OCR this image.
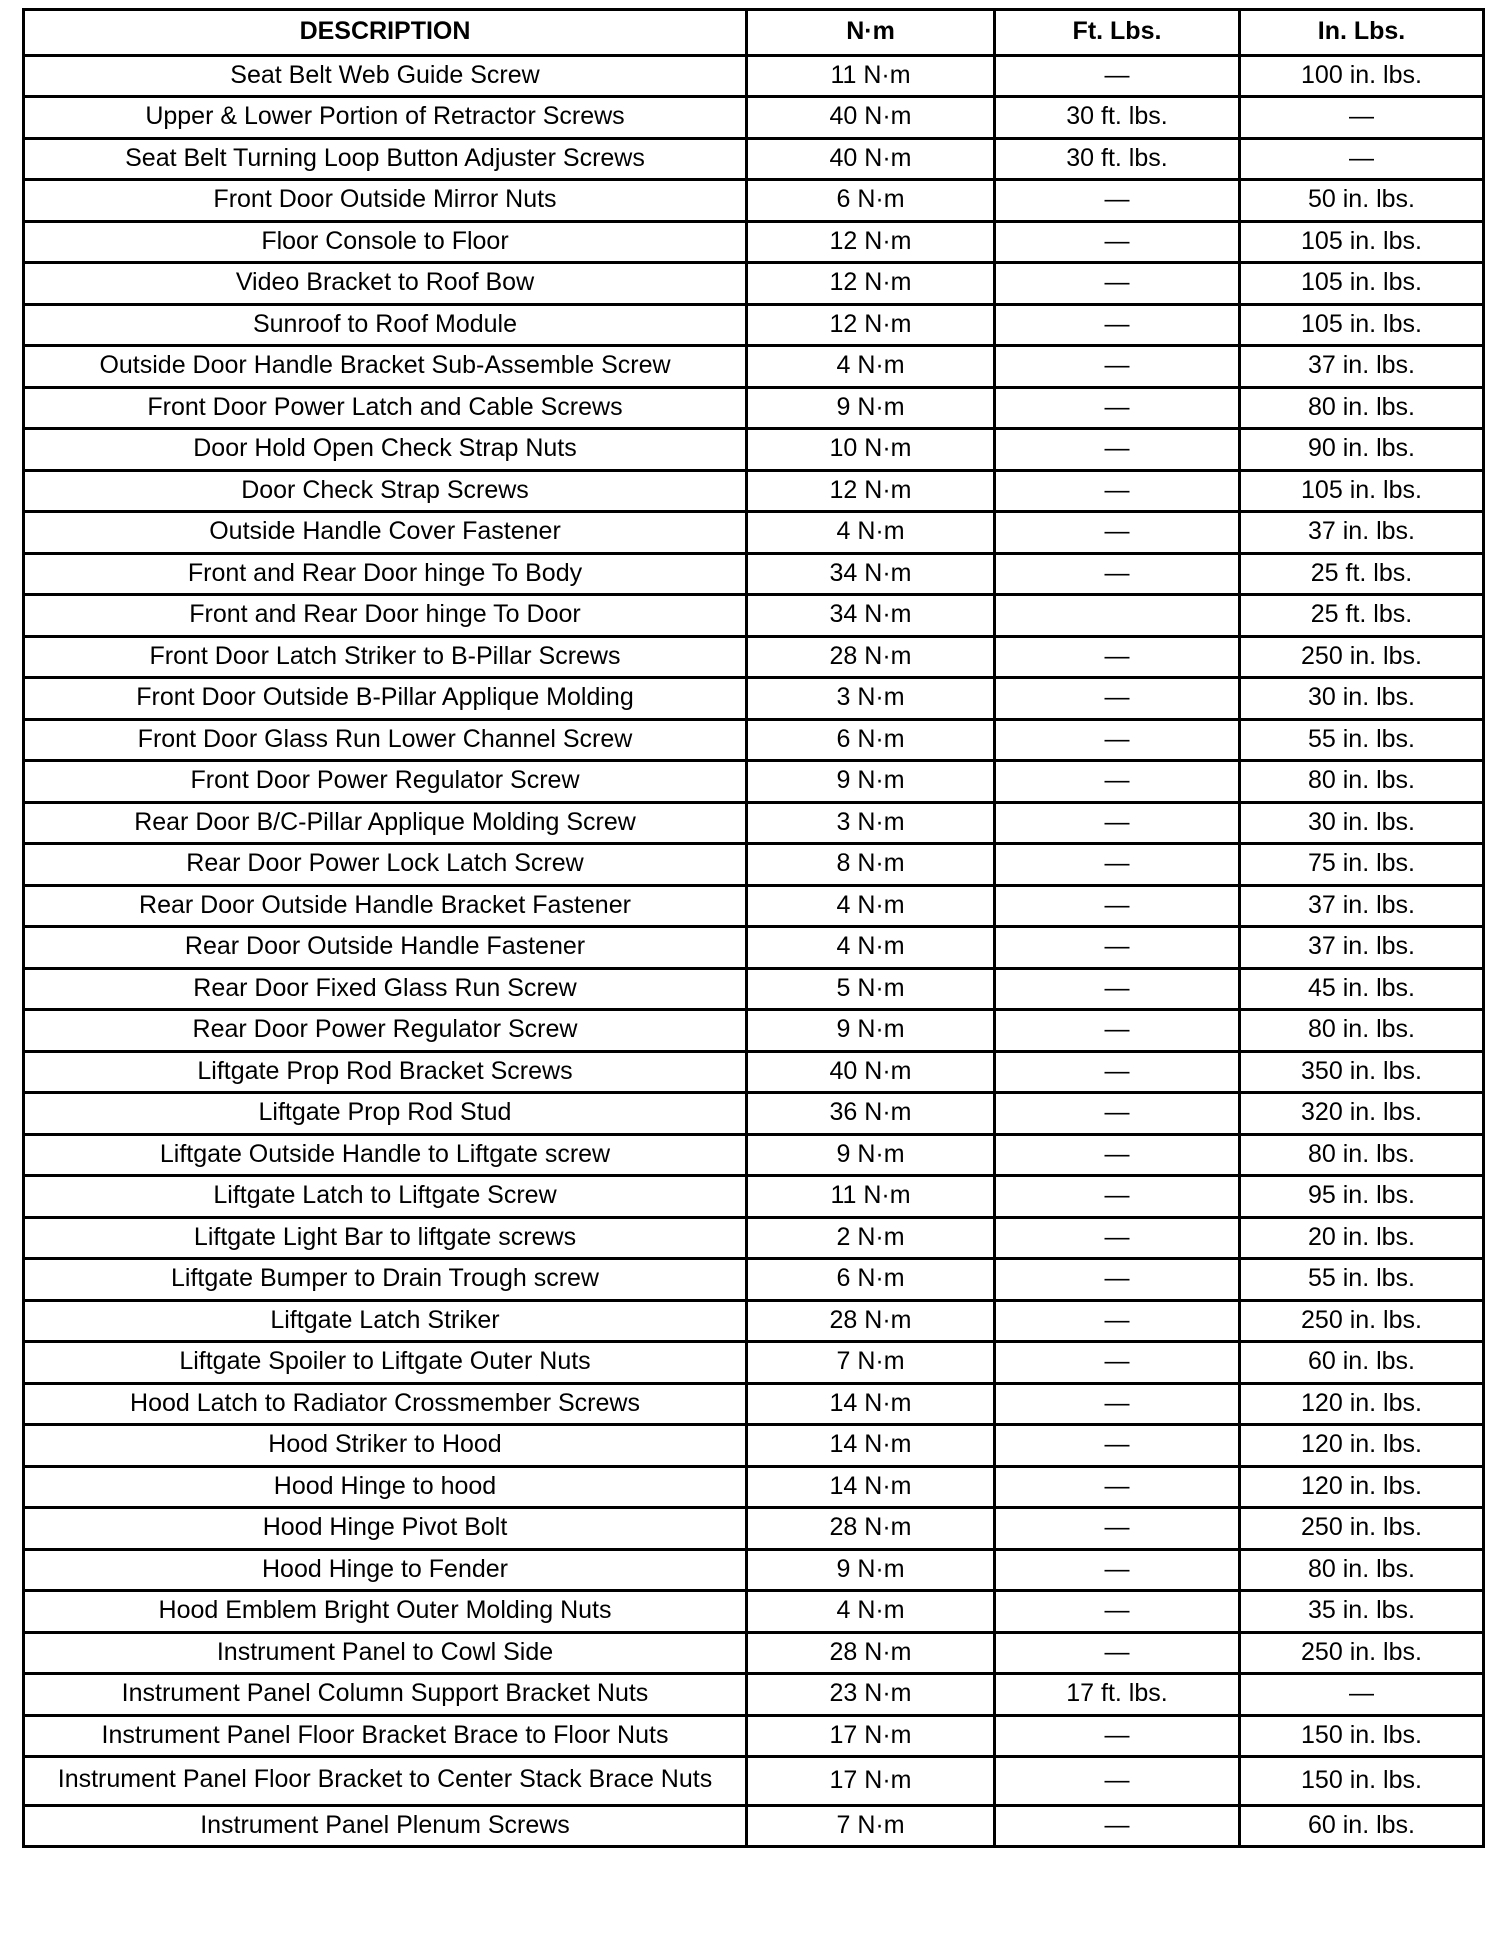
DESCRIPTION	N·m	Ft. Lbs.	In. Lbs.
Seat Belt Web Guide Screw	11 N·m	—	100 in. lbs.
Upper & Lower Portion of Retractor Screws	40 N·m	30 ft. lbs.	—
Seat Belt Turning Loop Button Adjuster Screws	40 N·m	30 ft. lbs.	—
Front Door Outside Mirror Nuts	6 N·m	—	50 in. lbs.
Floor Console to Floor	12 N·m	—	105 in. lbs.
Video Bracket to Roof Bow	12 N·m	—	105 in. lbs.
Sunroof to Roof Module	12 N·m	—	105 in. lbs.
Outside Door Handle Bracket Sub-Assemble Screw	4 N·m	—	37 in. lbs.
Front Door Power Latch and Cable Screws	9 N·m	—	80 in. lbs.
Door Hold Open Check Strap Nuts	10 N·m	—	90 in. lbs.
Door Check Strap Screws	12 N·m	—	105 in. lbs.
Outside Handle Cover Fastener	4 N·m	—	37 in. lbs.
Front and Rear Door hinge To Body	34 N·m	—	25 ft. lbs.
Front and Rear Door hinge To Door	34 N·m		25 ft. lbs.
Front Door Latch Striker to B-Pillar Screws	28 N·m	—	250 in. lbs.
Front Door Outside B-Pillar Applique Molding	3 N·m	—	30 in. lbs.
Front Door Glass Run Lower Channel Screw	6 N·m	—	55 in. lbs.
Front Door Power Regulator Screw	9 N·m	—	80 in. lbs.
Rear Door B/C-Pillar Applique Molding Screw	3 N·m	—	30 in. lbs.
Rear Door Power Lock Latch Screw	8 N·m	—	75 in. lbs.
Rear Door Outside Handle Bracket Fastener	4 N·m	—	37 in. lbs.
Rear Door Outside Handle Fastener	4 N·m	—	37 in. lbs.
Rear Door Fixed Glass Run Screw	5 N·m	—	45 in. lbs.
Rear Door Power Regulator Screw	9 N·m	—	80 in. lbs.
Liftgate Prop Rod Bracket Screws	40 N·m	—	350 in. lbs.
Liftgate Prop Rod Stud	36 N·m	—	320 in. lbs.
Liftgate Outside Handle to Liftgate screw	9 N·m	—	80 in. lbs.
Liftgate Latch to Liftgate Screw	11 N·m	—	95 in. lbs.
Liftgate Light Bar to liftgate screws	2 N·m	—	20 in. lbs.
Liftgate Bumper to Drain Trough screw	6 N·m	—	55 in. lbs.
Liftgate Latch Striker	28 N·m	—	250 in. lbs.
Liftgate Spoiler to Liftgate Outer Nuts	7 N·m	—	60 in. lbs.
Hood Latch to Radiator Crossmember Screws	14 N·m	—	120 in. lbs.
Hood Striker to Hood	14 N·m	—	120 in. lbs.
Hood Hinge to hood	14 N·m	—	120 in. lbs.
Hood Hinge Pivot Bolt	28 N·m	—	250 in. lbs.
Hood Hinge to Fender	9 N·m	—	80 in. lbs.
Hood Emblem Bright Outer Molding Nuts	4 N·m	—	35 in. lbs.
Instrument Panel to Cowl Side	28 N·m	—	250 in. lbs.
Instrument Panel Column Support Bracket Nuts	23 N·m	17 ft. lbs.	—
Instrument Panel Floor Bracket Brace to Floor Nuts	17 N·m	—	150 in. lbs.
Instrument Panel Floor Bracket to Center Stack Brace Nuts	17 N·m	—	150 in. lbs.
Instrument Panel Plenum Screws	7 N·m	—	60 in. lbs.
